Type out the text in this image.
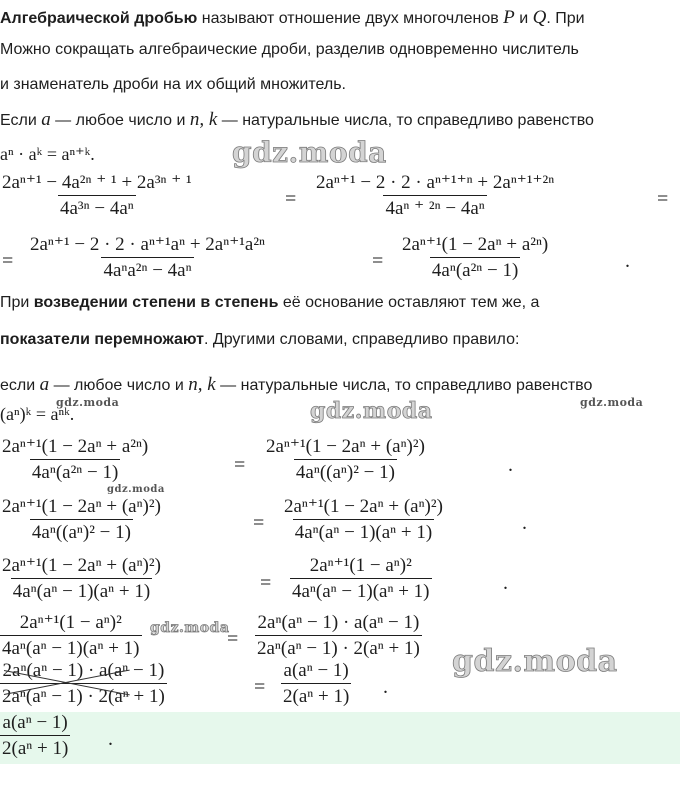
Алгебраической дробью называют отношение двух многочленов P и Q. При
Можно сокращать алгебраические дроби, разделив одновременно числитель
и знаменатель дроби на их общий множитель.
Если a — любое число и n, k — натуральные числа, то справедливо равенство
aⁿ · aᵏ = aⁿ⁺ᵏ.
$\frac{\text{2aⁿ⁺¹ − 4a²ⁿ ⁺ ¹ + 2a³ⁿ ⁺ ¹}}{\text{4a³ⁿ − 4aⁿ}}$	= $\frac{\text{2aⁿ⁺¹ − 2 · 2 · aⁿ⁺¹⁺ⁿ + 2aⁿ⁺¹⁺²ⁿ}}{\text{4aⁿ ⁺ ²ⁿ − 4aⁿ}}$	=
=
2aⁿ⁺¹ − 2 · 2 · aⁿ⁺¹aⁿ + 2aⁿ⁺¹a²ⁿ
4aⁿa²ⁿ − 4aⁿ	= $\frac{\text{2aⁿ⁺¹(1 − 2aⁿ + a²ⁿ)}}{\text{4aⁿ(a²ⁿ − 1)}}$	.
При возведении степени в степень её основание оставляют тем же, а
показатели перемножают. Другими словами, справедливо правило:
если a — любое число и n, k — натуральные числа, то справедливо равенство
(aⁿ)ᵏ = aⁿᵏ.
$\frac{\text{2aⁿ⁺¹(1 − 2aⁿ + a²ⁿ)}}{\text{4aⁿ(a²ⁿ − 1)}}$	= $\frac{\text{2aⁿ⁺¹(1 − 2aⁿ + (aⁿ)²)}}{\text{4aⁿ((aⁿ)² − 1)}}$	.
$\frac{\text{2aⁿ⁺¹(1 − 2aⁿ + (aⁿ)²)}}{\text{4aⁿ((aⁿ)² − 1)}}$	= $\frac{\text{2aⁿ⁺¹(1 − 2aⁿ + (aⁿ)²)}}{\text{4aⁿ(aⁿ − 1)(aⁿ + 1)}}$	.
$\frac{\text{2aⁿ⁺¹(1 − 2aⁿ + (aⁿ)²)}}{\text{4aⁿ(aⁿ − 1)(aⁿ + 1)}}$	= $\frac{\text{2aⁿ⁺¹(1 − aⁿ)²}}{\text{4aⁿ(aⁿ − 1)(aⁿ + 1)}}$	.
$\frac{\text{2aⁿ⁺¹(1 − aⁿ)²}}{\text{4aⁿ(aⁿ − 1)(aⁿ + 1)}}$	= $\frac{\text{2aⁿ(aⁿ − 1) · a(aⁿ − 1)}}{\text{2aⁿ(aⁿ − 1) · 2(aⁿ + 1)}}$
$\frac{\text{2aⁿ(aⁿ − 1) · a(aⁿ − 1)}}{\text{2aⁿ(aⁿ − 1) · 2(aⁿ + 1)}}$	= $\frac{\text{a(aⁿ − 1)}}{\text{2(aⁿ + 1)}}$ .
$\frac{\text{a(aⁿ − 1)}}{\text{2(aⁿ + 1)}}$ .
gdz.moda
gdz.moda	gdz.moda	gdz.moda
gdz.moda
gdz.moda
gdz.moda
